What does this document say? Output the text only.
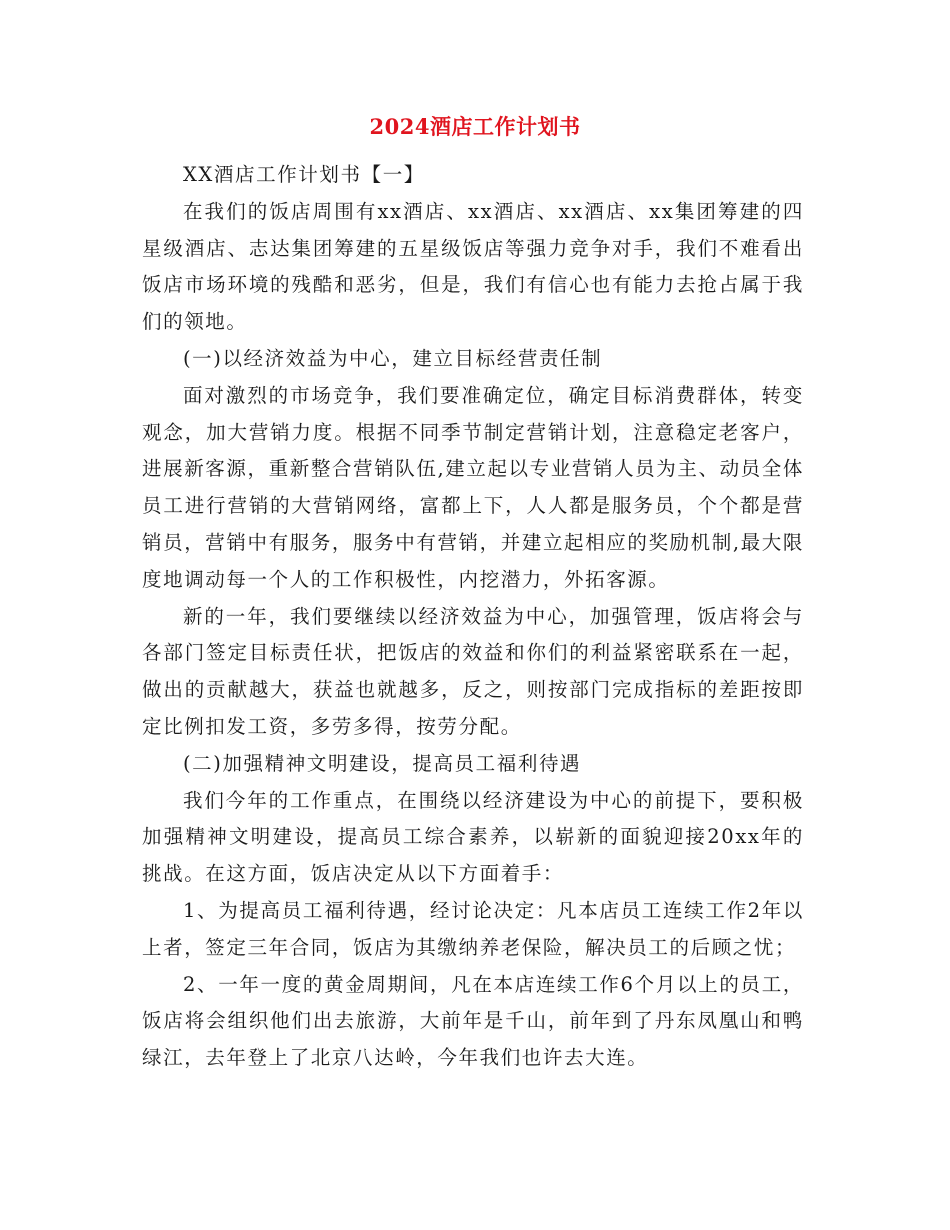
2024酒店工作计划书

XX酒店工作计划书【一】

在我们的饭店周围有xx酒店、xx酒店、xx酒店、xx集团筹建的四星级酒店、志达集团筹建的五星级饭店等强力竞争对手，我们不难看出饭店市场环境的残酷和恶劣，但是，我们有信心也有能力去抢占属于我们的领地。

(一)以经济效益为中心，建立目标经营责任制

面对激烈的市场竞争，我们要准确定位，确定目标消费群体，转变观念，加大营销力度。根据不同季节制定营销计划，注意稳定老客户，进展新客源，重新整合营销队伍,建立起以专业营销人员为主、动员全体员工进行营销的大营销网络，富都上下，人人都是服务员，个个都是营销员，营销中有服务，服务中有营销，并建立起相应的奖励机制,最大限度地调动每一个人的工作积极性，内挖潜力，外拓客源。

新的一年，我们要继续以经济效益为中心，加强管理，饭店将会与各部门签定目标责任状，把饭店的效益和你们的利益紧密联系在一起，做出的贡献越大，获益也就越多，反之，则按部门完成指标的差距按即定比例扣发工资，多劳多得，按劳分配。

(二)加强精神文明建设，提高员工福利待遇

我们今年的工作重点，在围绕以经济建设为中心的前提下，要积极加强精神文明建设，提高员工综合素养，以崭新的面貌迎接20xx年的挑战。在这方面，饭店决定从以下方面着手：

1、为提高员工福利待遇，经讨论决定：凡本店员工连续工作2年以上者，签定三年合同，饭店为其缴纳养老保险，解决员工的后顾之忧；

2、一年一度的黄金周期间，凡在本店连续工作6个月以上的员工，饭店将会组织他们出去旅游，大前年是千山，前年到了丹东凤凰山和鸭绿江，去年登上了北京八达岭，今年我们也许去大连。
